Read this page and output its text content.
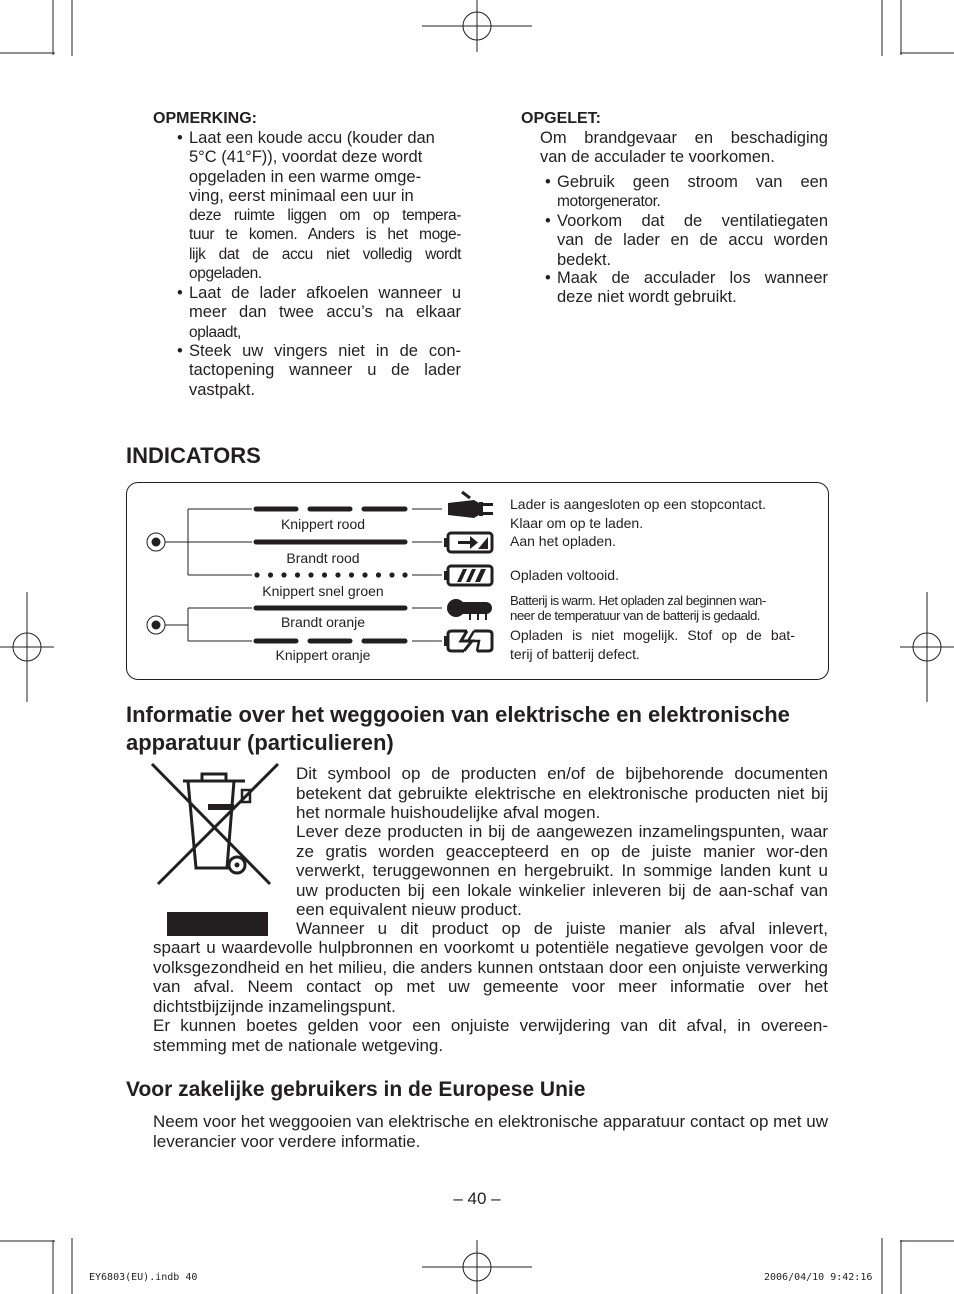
OPMERKING:
• Laat een koude accu (kouder dan
5°C (41°F)), voordat deze wordt
opgeladen in een warme omge-
ving, eerst minimaal een uur in
deze ruimte liggen om op tempera-
tuur te komen. Anders is het moge-
lijk dat de accu niet volledig wordt
opgeladen.
• Laat de lader afkoelen wanneer u
meer dan twee accu’s na elkaar
oplaadt,
• Steek uw vingers niet in de con-
tactopening wanneer u de lader
vastpakt.
OPGELET:
Om brandgevaar en beschadiging
van de acculader te voorkomen.
• Gebruik geen stroom van een
motorgenerator.
• Voorkom dat de ventilatiegaten
van de lader en de accu worden
bedekt.
• Maak de acculader los wanneer
deze niet wordt gebruikt.
INDICATORS
Knippert rood
Brandt rood
Knippert snel groen
Brandt oranje
Knippert oranje
Lader is aangesloten op een stopcontact.
Klaar om op te laden.
Aan het opladen.
Opladen voltooid.
Batterij is warm. Het opladen zal beginnen wan-
neer de temperatuur van de batterij is gedaald.
Opladen is niet mogelijk. Stof op de bat-
terij of batterij defect.
Informatie over het weggooien van elektrische en elektronische
apparatuur (particulieren)
Dit symbool op de producten en/of de bijbehorende documenten betekent dat gebruikte elektrische en elektronische producten niet bij het normale huishoudelijke afval mogen.
Lever deze producten in bij de aangewezen inzamelingspunten, waar ze gratis worden geaccepteerd en op de juiste manier wor-den verwerkt, teruggewonnen en hergebruikt. In sommige landen kunt u uw producten bij een lokale winkelier inleveren bij de aan-schaf van een equivalent nieuw product.
Wanneer u dit product op de juiste manier als afval inlevert,
spaart u waardevolle hulpbronnen en voorkomt u potentiële negatieve gevolgen voor de volksgezondheid en het milieu, die anders kunnen ontstaan door een onjuiste verwerking van afval. Neem contact op met uw gemeente voor meer informatie over het dichtstbijzijnde inzamelingspunt.
Er kunnen boetes gelden voor een onjuiste verwijdering van dit afval, in overeen-stemming met de nationale wetgeving.
Voor zakelijke gebruikers in de Europese Unie
Neem voor het weggooien van elektrische en elektronische apparatuur contact op met uw leverancier voor verdere informatie.
– 40 –
EY6803(EU).indb 40	2006/04/10 9:42:16
